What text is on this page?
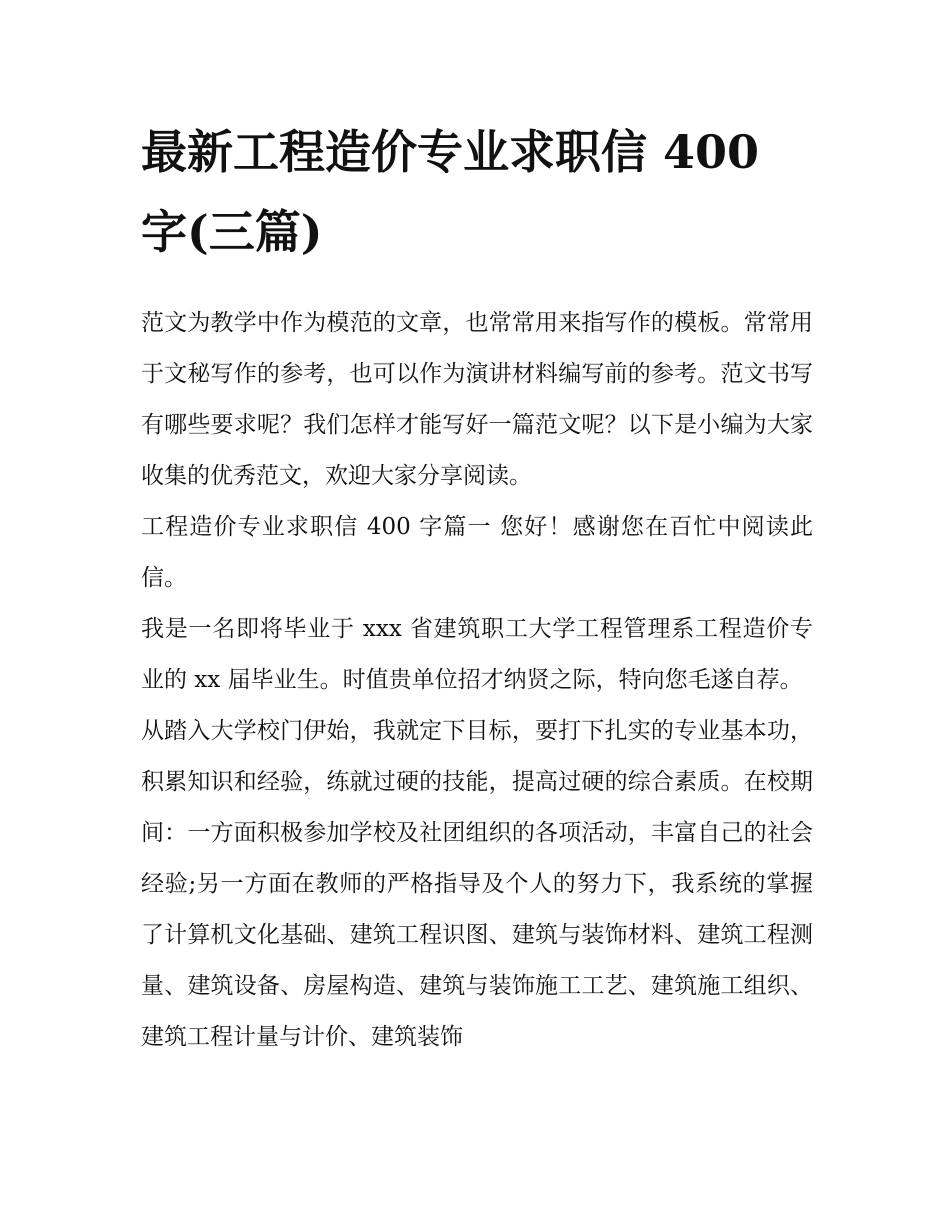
最新工程造价专业求职信 400 字(三篇)

范文为教学中作为模范的文章，也常常用来指写作的模板。常常用于文秘写作的参考，也可以作为演讲材料编写前的参考。范文书写有哪些要求呢？我们怎样才能写好一篇范文呢？以下是小编为大家收集的优秀范文，欢迎大家分享阅读。

工程造价专业求职信 400 字篇一 您好！感谢您在百忙中阅读此信。

我是一名即将毕业于 xxx 省建筑职工大学工程管理系工程造价专业的 xx 届毕业生。时值贵单位招才纳贤之际，特向您毛遂自荐。

从踏入大学校门伊始，我就定下目标，要打下扎实的专业基本功，积累知识和经验，练就过硬的技能，提高过硬的综合素质。在校期间：一方面积极参加学校及社团组织的各项活动，丰富自己的社会经验;另一方面在教师的严格指导及个人的努力下，我系统的掌握了计算机文化基础、建筑工程识图、建筑与装饰材料、建筑工程测量、建筑设备、房屋构造、建筑与装饰施工工艺、建筑施工组织、建筑工程计量与计价、建筑装饰
